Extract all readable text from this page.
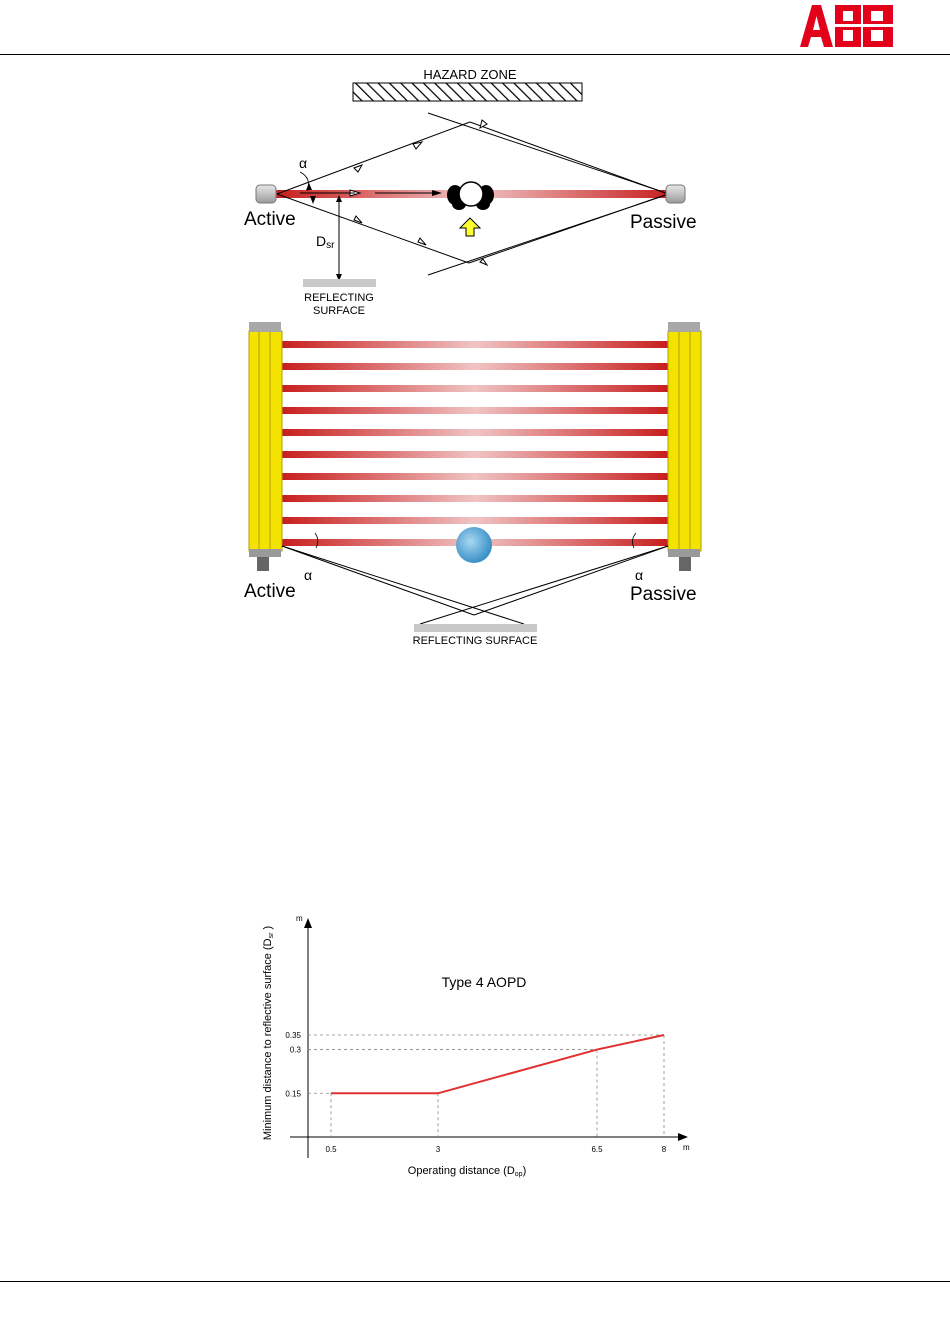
ABB
HAZARD ZONE
α
Dsr
REFLECTING
SURFACE
Active	Passive
α	α
REFLECTING SURFACE
Active	Passive
m
m
Type 4 AOPD
Minimum distance to reflective surface (Dsr )
Operating distance (Dop)
0.5	3	6.5	8
0.15
0.3
0.35
